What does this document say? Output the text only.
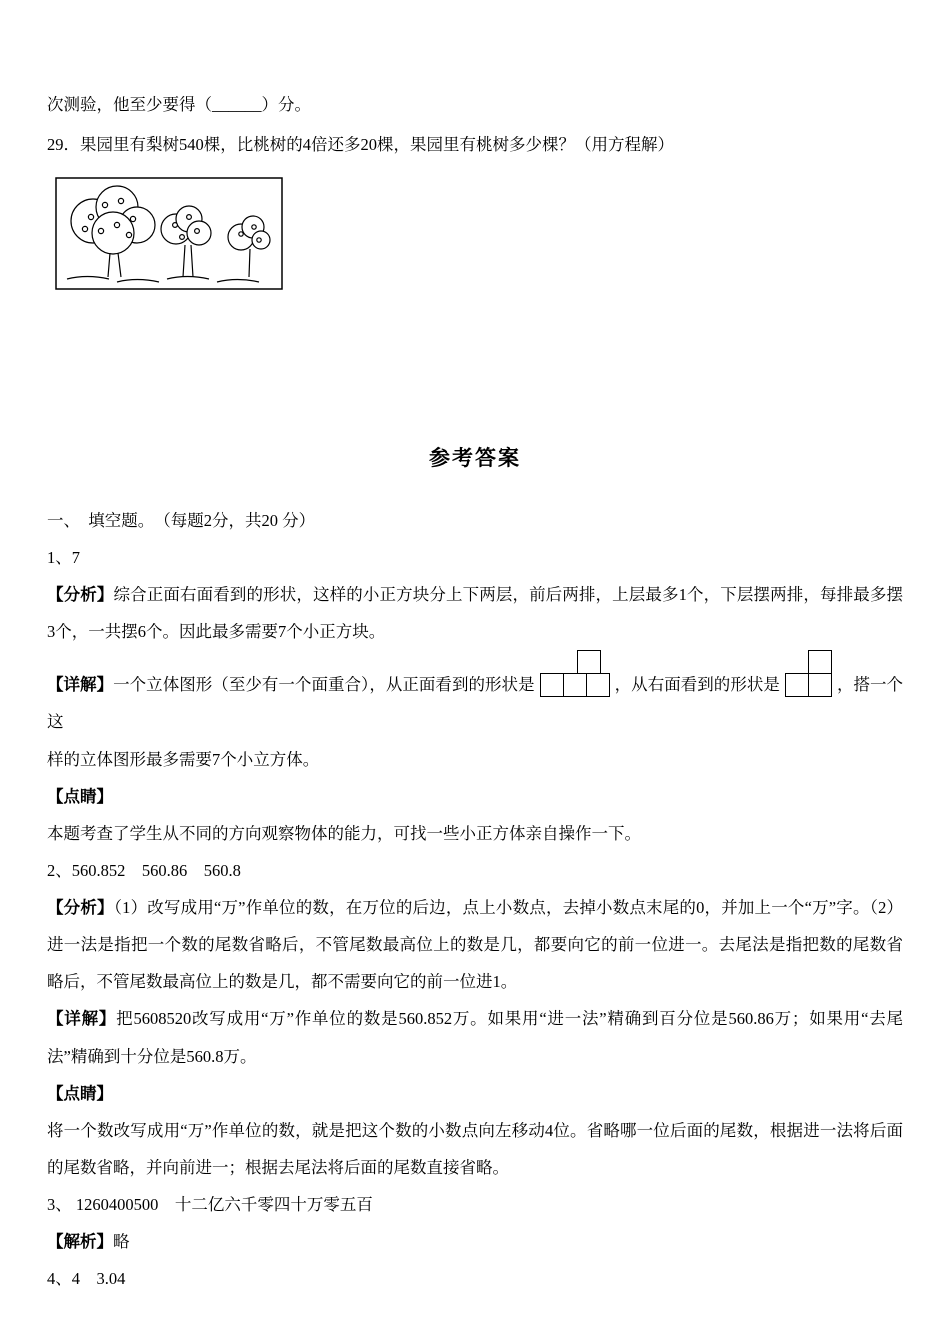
次测验，他至少要得（______）分。

29．果园里有梨树540棵，比桃树的4倍还多20棵，果园里有桃树多少棵？（用方程解）

参考答案

一、　填空题。　（每题2分，共20 分）

1、7

【分析】综合正面右面看到的形状，这样的小正方块分上下两层，前后两排，上层最多1个，下层摆两排，每排最多摆3个，一共摆6个。因此最多需要7个小正方块。

【详解】一个立体图形（至少有一个面重合），从正面看到的形状是	，从右面看到的形状是	，搭一个这

样的立体图形最多需要7个小立方体。

【点睛】

本题考查了学生从不同的方向观察物体的能力，可找一些小正方体亲自操作一下。

2、560.852　560.86　560.8

【分析】（1）改写成用“万”作单位的数，在万位的后边，点上小数点，去掉小数点末尾的0，并加上一个“万”字。（2）进一法是指把一个数的尾数省略后，不管尾数最高位上的数是几，都要向它的前一位进一。去尾法是指把数的尾数省略后，不管尾数最高位上的数是几，都不需要向它的前一位进1。

【详解】把5608520改写成用“万”作单位的数是560.852万。如果用“进一法”精确到百分位是560.86万；如果用“去尾法”精确到十分位是560.8万。

【点睛】

将一个数改写成用“万”作单位的数，就是把这个数的小数点向左移动4位。省略哪一位后面的尾数，根据进一法将后面的尾数省略，并向前进一；根据去尾法将后面的尾数直接省略。

3、 1260400500　十二亿六千零四十万零五百

【解析】略

4、4　3.04
